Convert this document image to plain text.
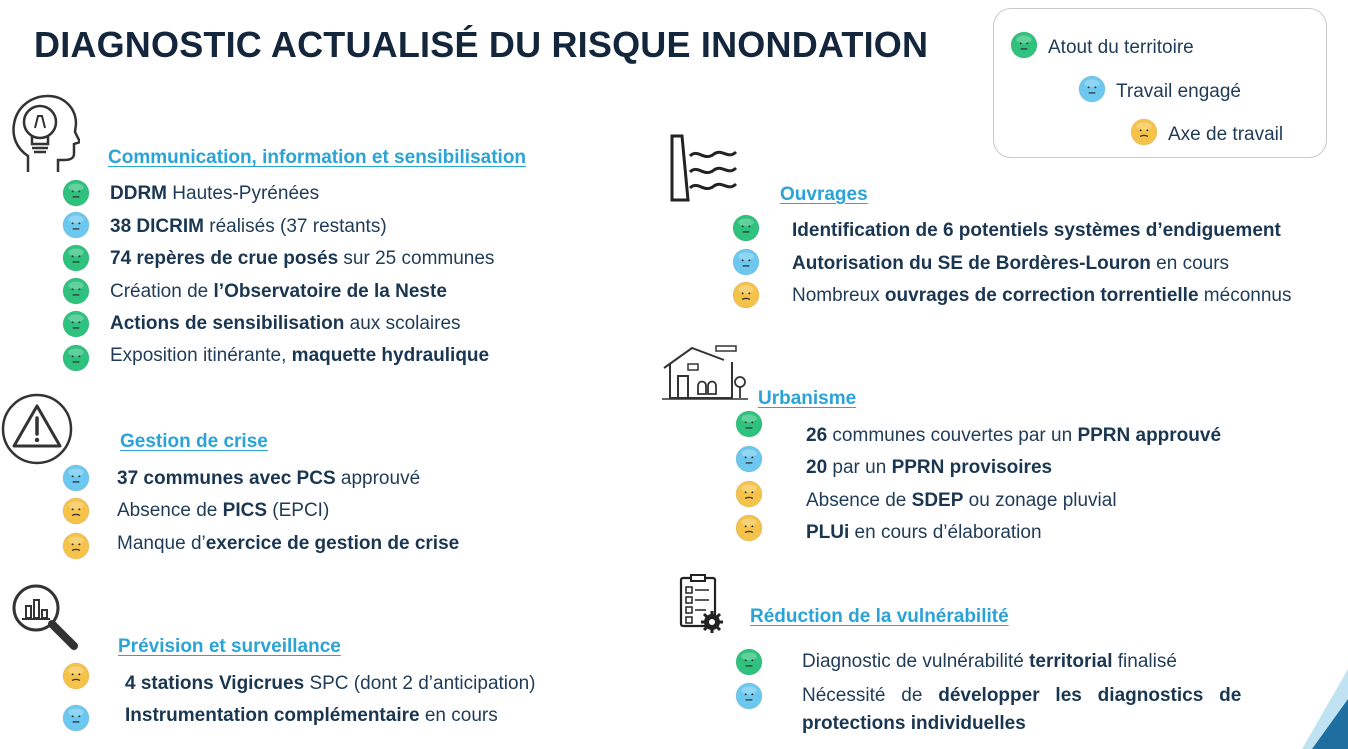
DIAGNOSTIC ACTUALISÉ DU RISQUE INONDATION	Atout du territoire
Travail engagé
Axe de travail
Communication, information et sensibilisation
Gestion de crise
Prévision et surveillance
Ouvrages
Urbanisme
Réduction de la vulnérabilité
DDRM Hautes-Pyrénées
38 DICRIM réalisés (37 restants)
74 repères de crue posés sur 25 communes
Création de l’Observatoire de la Neste
Actions de sensibilisation aux scolaires
Exposition itinérante, maquette hydraulique
37 communes avec PCS approuvé
Absence de PICS (EPCI)
Manque d’exercice de gestion de crise
4 stations Vigicrues SPC (dont 2 d’anticipation)
Instrumentation complémentaire en cours
Identification de 6 potentiels systèmes d’endiguement
Autorisation du SE de Bordères-Louron en cours
Nombreux ouvrages de correction torrentielle méconnus
26 communes couvertes par un PPRN approuvé
20 par un PPRN provisoires
Absence de SDEP ou zonage pluvial
PLUi en cours d’élaboration
Diagnostic de vulnérabilité territorial finalisé
Nécessité   de   développer   les   diagnostics   de
protections individuelles
